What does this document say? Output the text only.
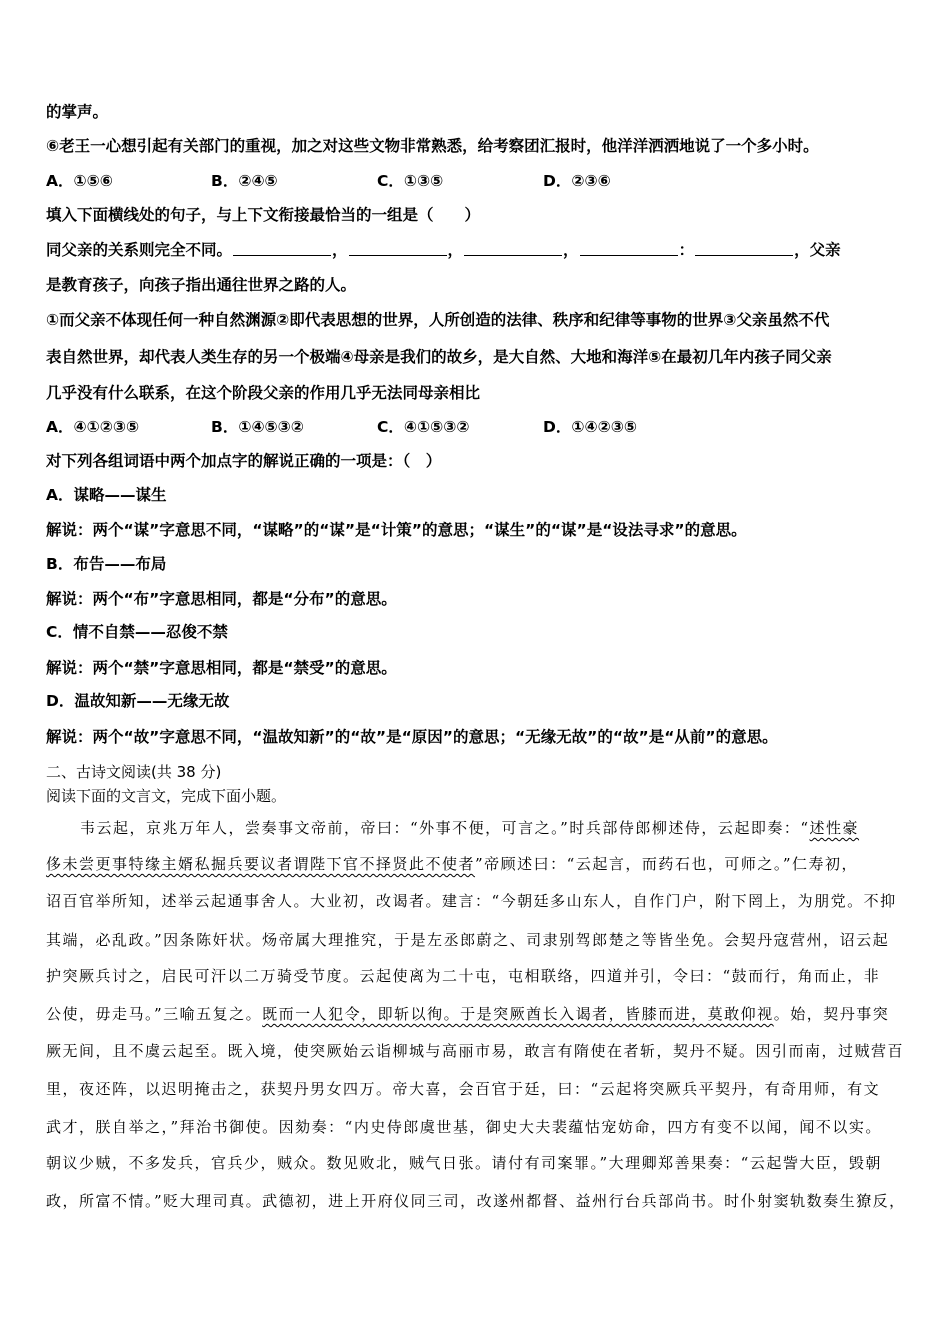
的掌声。
⑥老王一心想引起有关部门的重视，加之对这些文物非常熟悉，给考察团汇报时，他洋洋洒洒地说了一个多小时。
A．①⑤⑥	B．②④⑤	C．①③⑤	D．②③⑥
填入下面横线处的句子，与上下文衔接最恰当的一组是（　　）
同父亲的关系则完全不同。	，	，	，	：	，父亲
是教育孩子，向孩子指出通往世界之路的人。
①而父亲不体现任何一种自然渊源②即代表思想的世界，人所创造的法律、秩序和纪律等事物的世界③父亲虽然不代
表自然世界，却代表人类生存的另一个极端④母亲是我们的故乡，是大自然、大地和海洋⑤在最初几年内孩子同父亲
几乎没有什么联系，在这个阶段父亲的作用几乎无法同母亲相比
A．④①②③⑤	B．①④⑤③②	C．④①⑤③②	D．①④②③⑤
对下列各组词语中两个加点字的解说正确的一项是：（　）
A．谋略——谋生
解说：两个“谋”字意思不同，“谋略”的“谋”是“计策”的意思；“谋生”的“谋”是“设法寻求”的意思。
B．布告——布局
解说：两个“布”字意思相同，都是“分布”的意思。
C．情不自禁——忍俊不禁
解说：两个“禁”字意思相同，都是“禁受”的意思。
D．温故知新——无缘无故
解说：两个“故”字意思不同，“温故知新”的“故”是“原因”的意思；“无缘无故”的“故”是“从前”的意思。
二、古诗文阅读(共 38 分)
阅读下面的文言文，完成下面小题。
韦云起，京兆万年人，尝奏事文帝前，帝曰：“外事不便，可言之。”时兵部侍郎柳述侍，云起即奏：“述性豪
侈未尝更事特缘主婿私掘兵要议者谓陛下官不择贤此不使者”帝顾述曰：“云起言，而药石也，可师之。”仁寿初，
诏百官举所知，述举云起通事舍人。大业初，改谒者。建言：“今朝廷多山东人，自作门户，附下罔上，为朋党。不抑
其端，必乱政。”因条陈奸状。炀帝属大理推究，于是左丞郎蔚之、司隶别驾郎楚之等皆坐免。会契丹寇营州，诏云起
护突厥兵讨之，启民可汗以二万骑受节度。云起使离为二十屯，屯相联络，四道并引，令曰：“鼓而行，角而止，非
公使，毋走马。”三喻五复之。既而一人犯令，即斩以徇。于是突厥酋长入谒者，皆膝而进，莫敢仰视。始，契丹事突
厥无间，且不虞云起至。既入境，使突厥始云诣柳城与高丽市易，敢言有隋使在者斩，契丹不疑。因引而南，过贼营百
里，夜还阵，以迟明掩击之，获契丹男女四万。帝大喜，会百官于廷，曰：“云起将突厥兵平契丹，有奇用师，有文
武才，朕自举之，”拜治书御使。因劾奏：“内史侍郎虞世基，御史大夫裴蕴怙宠妨命，四方有变不以闻，闻不以实。
朝议少贼，不多发兵，官兵少，贼众。数见败北，贼气日张。请付有司案罪。”大理卿郑善果奏：“云起訾大臣，毁朝
政，所富不情。”贬大理司真。武德初，进上开府仪同三司，改遂州都督、益州行台兵部尚书。时仆射窦轨数奏生獠反，
